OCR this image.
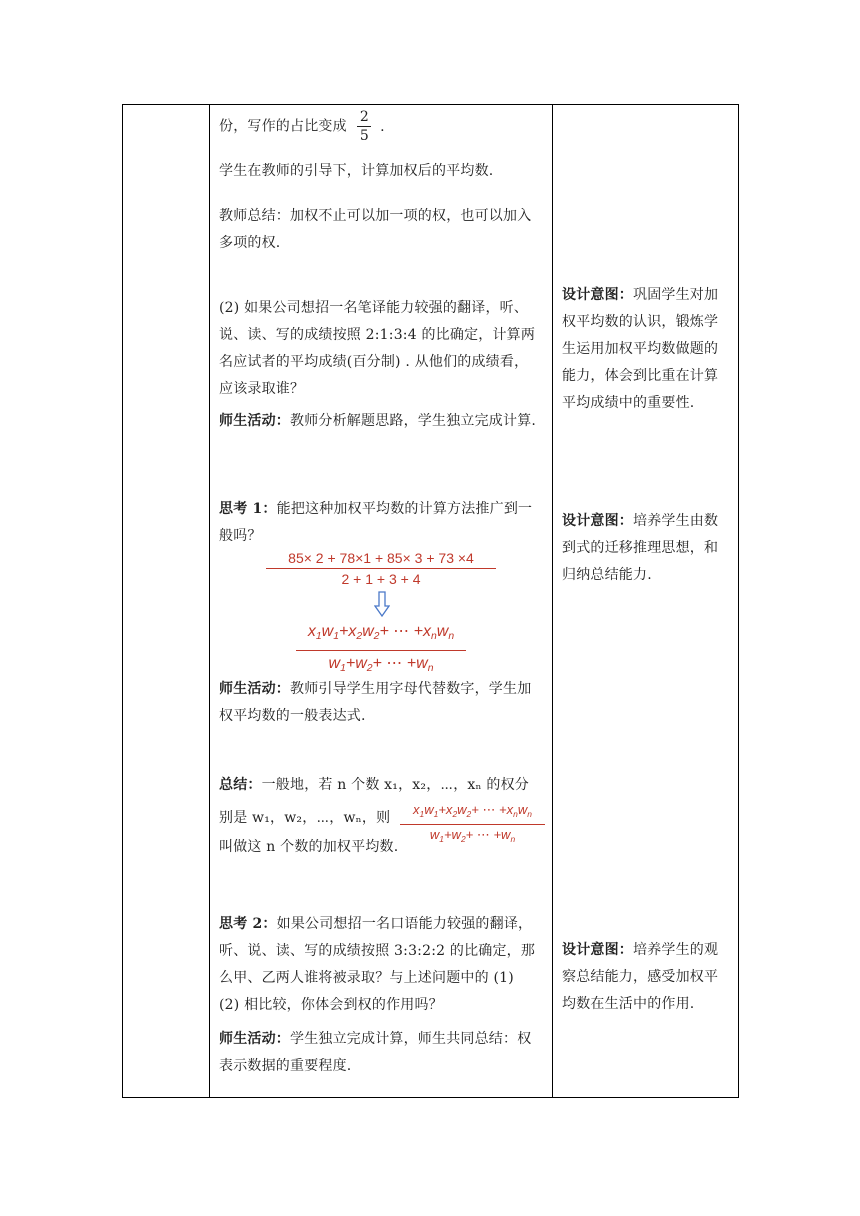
份，写作的占比变成 $\frac{2}{5}$ .
学生在教师的引导下，计算加权后的平均数.

教师总结：加权不止可以加一项的权，也可以加入

多项的权.

(2) 如果公司想招一名笔译能力较强的翻译，听、

说、读、写的成绩按照 2:1:3:4 的比确定，计算两

名应试者的平均成绩(百分制) . 从他们的成绩看，

应该录取谁？

师生活动：教师分析解题思路，学生独立完成计算.

思考 1：能把这种加权平均数的计算方法推广到一

般吗？

85× 2 + 78×1 + 85× 3 + 73 ×4
2 + 1 + 3 + 4
$x_1w_1+x_2w_2+$ ⋯ $+x_nw_n$
$w_1+w_2+$ ⋯ $+w_n$

师生活动：教师引导学生用字母代替数字，学生加

权平均数的一般表达式.

总结：一般地，若 n 个数 x₁，x₂，⋯，xₙ 的权分

别是 w₁，w₂，⋯，wₙ，则

叫做这 n 个数的加权平均数.

$x_1w_1+x_2w_2+$ ⋯ $+x_nw_n$
$w_1+w_2+$ ⋯ $+w_n$

思考 2：如果公司想招一名口语能力较强的翻译，

听、说、读、写的成绩按照 3:3:2:2 的比确定，那

么甲、乙两人谁将被录取？与上述问题中的 (1)

(2) 相比较，你体会到权的作用吗？

师生活动：学生独立完成计算，师生共同总结：权

表示数据的重要程度.

设计意图：巩固学生对加

权平均数的认识，锻炼学

生运用加权平均数做题的

能力，体会到比重在计算

平均成绩中的重要性.

设计意图：培养学生由数

到式的迁移推理思想，和

归纳总结能力.

设计意图：培养学生的观

察总结能力，感受加权平

均数在生活中的作用.
